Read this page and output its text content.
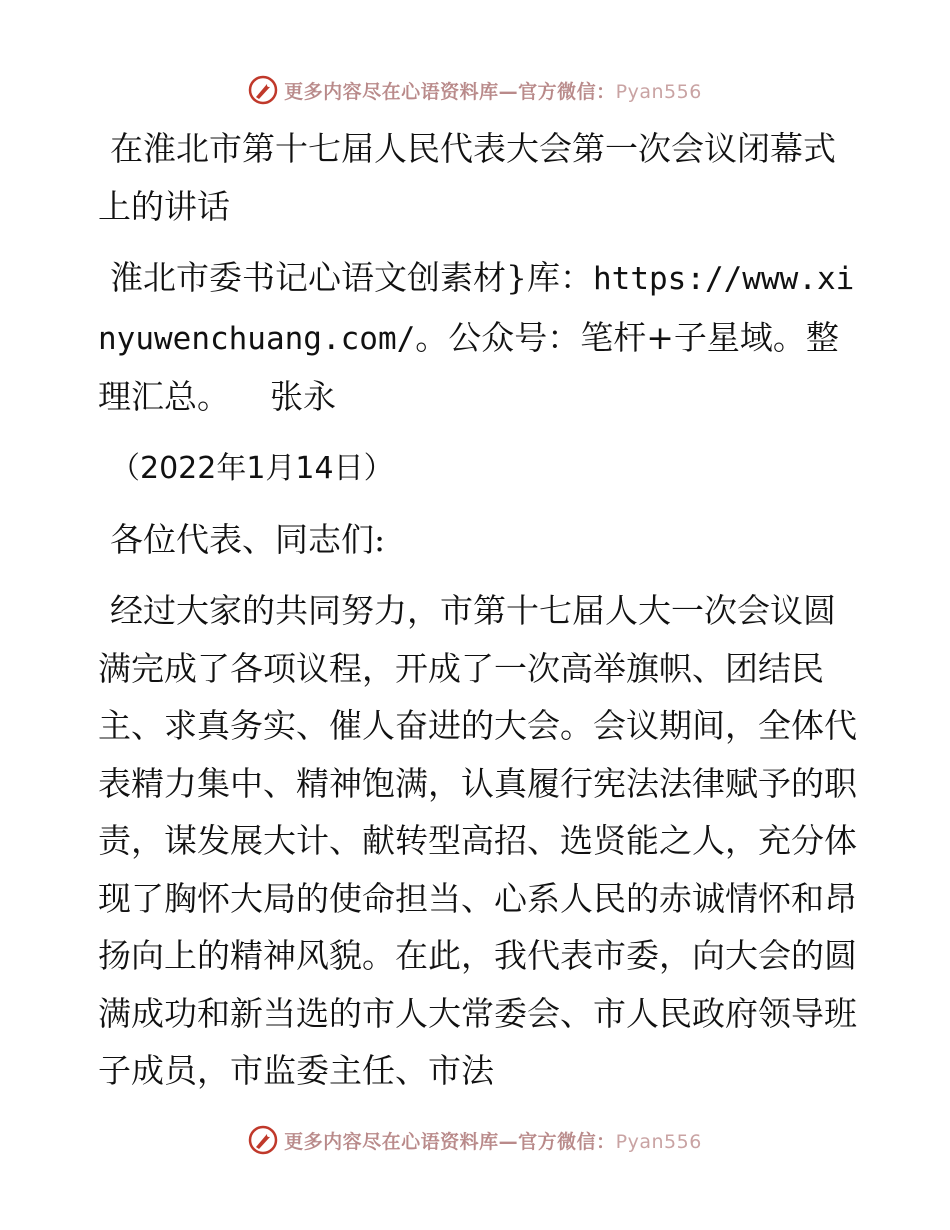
更多内容尽在心语资料库—官方微信：Pyan556

在淮北市第十七届人民代表大会第一次会议闭幕式上的讲话

淮北市委书记心语文创素材}库：https://www.xinyuwenchuang.com/。公众号：笔杆+子星域。整理汇总。 张永

（2022年1月14日）

各位代表、同志们:

经过大家的共同努力，市第十七届人大一次会议圆满完成了各项议程，开成了一次高举旗帜、团结民主、求真务实、催人奋进的大会。会议期间，全体代表精力集中、精神饱满，认真履行宪法法律赋予的职责，谋发展大计、献转型高招、选贤能之人，充分体现了胸怀大局的使命担当、心系人民的赤诚情怀和昂扬向上的精神风貌。在此，我代表市委，向大会的圆满成功和新当选的市人大常委会、市人民政府领导班子成员，市监委主任、市法

更多内容尽在心语资料库—官方微信：Pyan556
